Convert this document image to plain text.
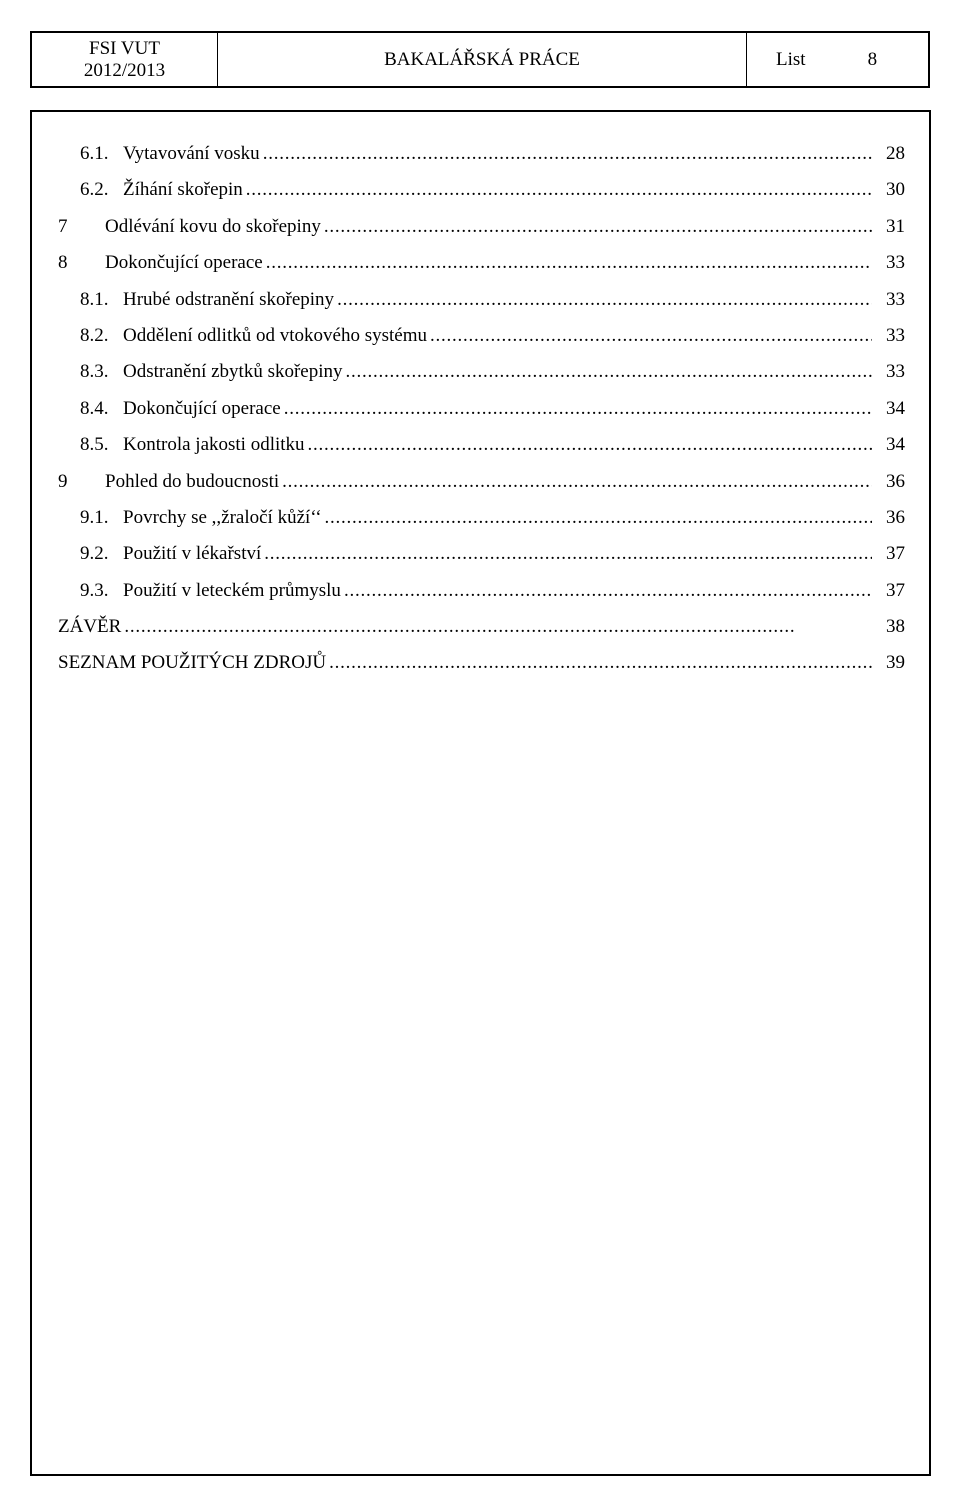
FSI VUT
2012/2013
BAKALÁŘSKÁ PRÁCE	List	8
6.1. Vytavování vosku . . .	28
6.2. Žíhání skořepin . . .	30
7	Odlévání kovu do skořepiny . . .	31
8	Dokončující operace . . .	33
8.1. Hrubé odstranění skořepiny . . .	33
8.2. Oddělení odlitků od vtokového systému . . .	33
8.3. Odstranění zbytků skořepiny . . .	33
8.4. Dokončující operace . . .	34
8.5. Kontrola jakosti odlitku . . .	34
9	Pohled do budoucnosti . . .	36
9.1. Povrchy se ,,žraločí kůží‘‘ . . .	36
9.2. Použití v lékařství . . .	37
9.3. Použití v leteckém průmyslu . . .	37
ZÁVĚR . . .	38
SEZNAM POUŽITÝCH ZDROJŮ . . .	39
